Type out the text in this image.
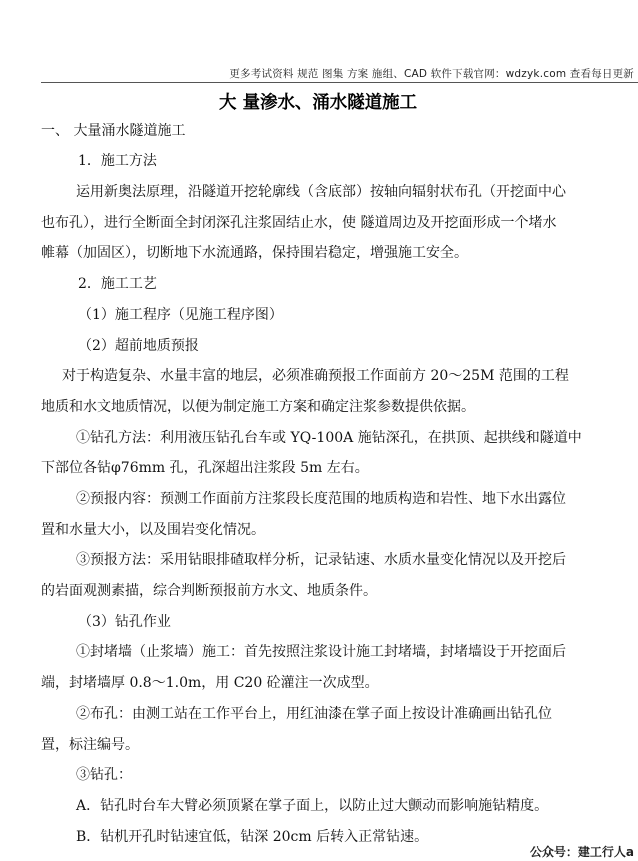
更多考试资料 规范 图集 方案 施组、CAD 软件下载官网：wdzyk.com 查看每日更新
大 量渗水、涌水隧道施工
一、 大量涌水隧道施工
1．施工方法
运用新奥法原理，沿隧道开挖轮廓线（含底部）按轴向辐射状布孔（开挖面中心
也布孔），进行全断面全封闭深孔注浆固结止水，使 隧道周边及开挖面形成一个堵水
帷幕（加固区），切断地下水流通路，保持围岩稳定，增强施工安全。
2．施工工艺
（1）施工程序（见施工程序图）
（2）超前地质预报
对于构造复杂、水量丰富的地层，必须准确预报工作面前方 20～25M 范围的工程
地质和水文地质情况，以便为制定施工方案和确定注浆参数提供依据。
①钻孔方法：利用液压钻孔台车或 YQ-100A 施钻深孔，在拱顶、起拱线和隧道中
下部位各钻φ76mm 孔，孔深超出注浆段 5m 左右。
②预报内容：预测工作面前方注浆段长度范围的地质构造和岩性、地下水出露位
置和水量大小，以及围岩变化情况。
③预报方法：采用钻眼排碴取样分析，记录钻速、水质水量变化情况以及开挖后
的岩面观测素描，综合判断预报前方水文、地质条件。
（3）钻孔作业
①封堵墙（止浆墙）施工：首先按照注浆设计施工封堵墙，封堵墙设于开挖面后
端，封堵墙厚 0.8～1.0m，用 C20 砼灌注一次成型。
②布孔：由测工站在工作平台上，用红油漆在掌子面上按设计准确画出钻孔位
置，标注编号。
③钻孔：
A．钻孔时台车大臂必须顶紧在掌子面上，以防止过大颤动而影响施钻精度。
B．钻机开孔时钻速宜低，钻深 20cm 后转入正常钻速。
公众号：建工行人a
